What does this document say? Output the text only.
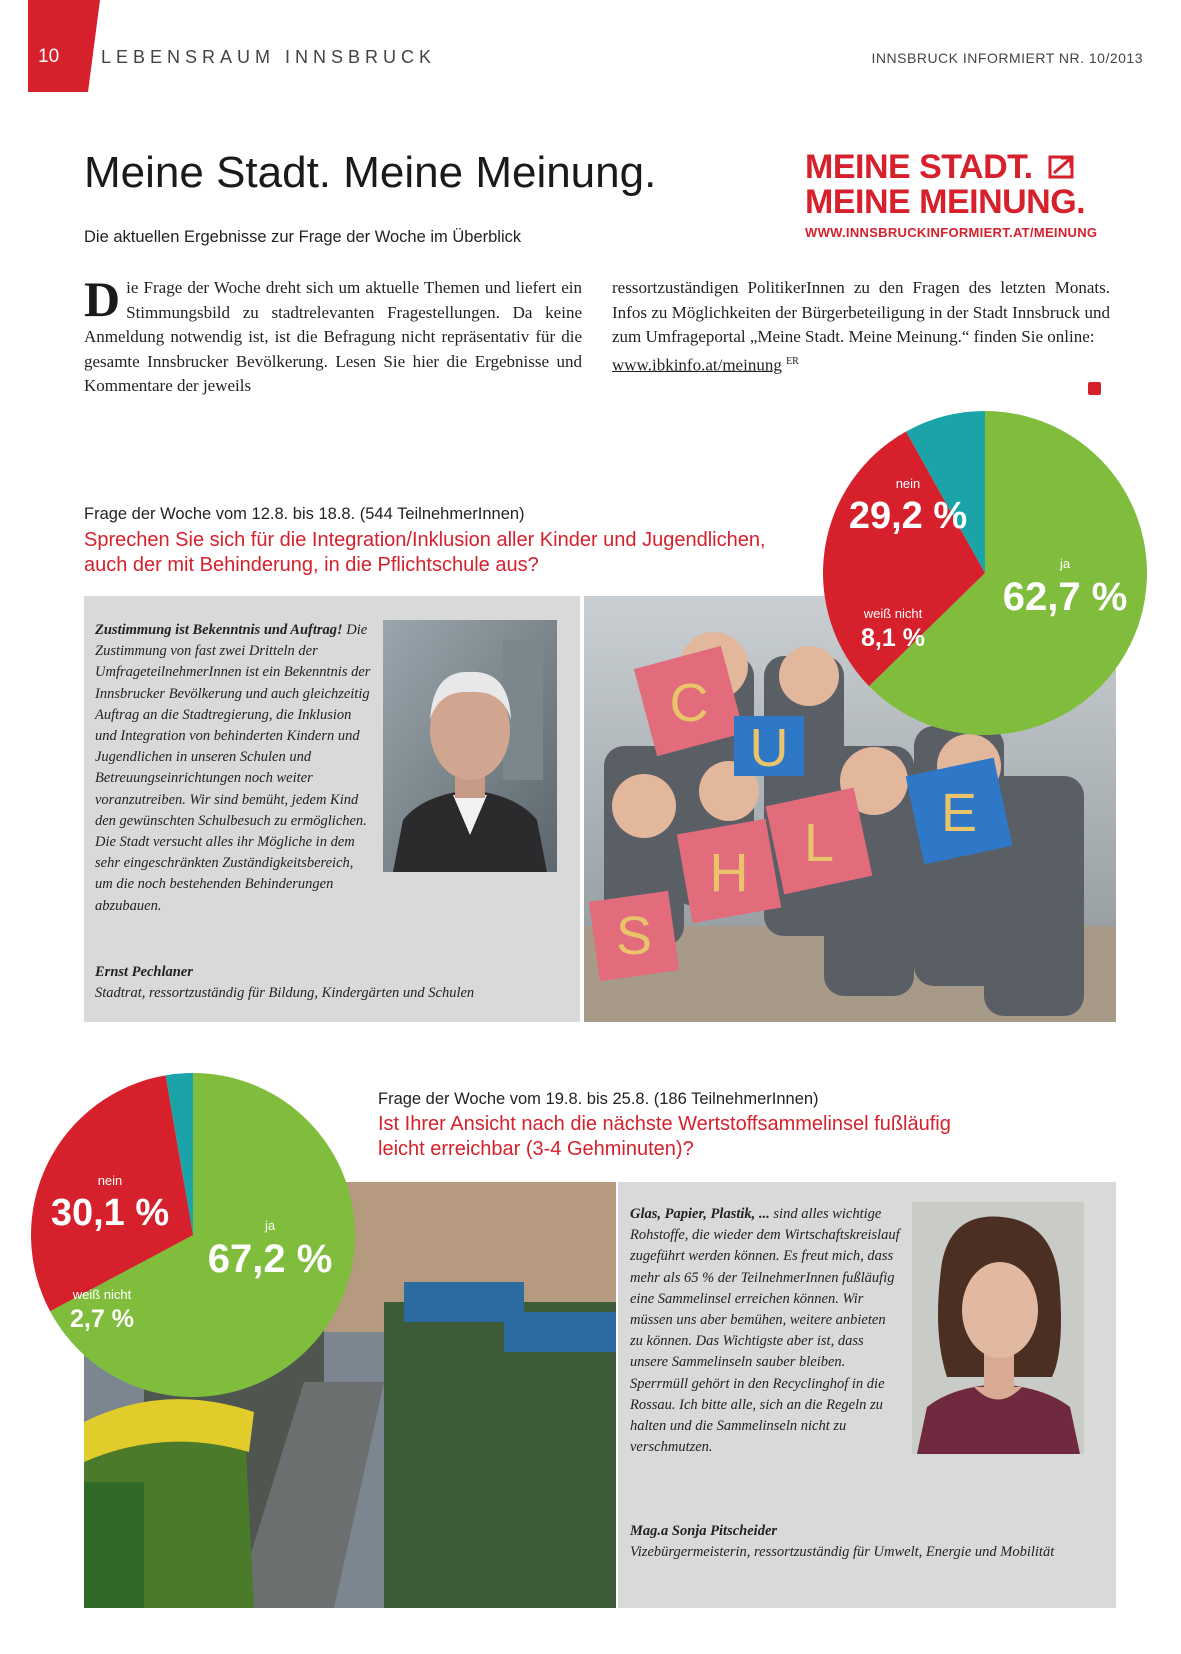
10 LEBENSRAUM INNSBRUCK	INNSBRUCK INFORMIERT NR. 10/2013
Meine Stadt. Meine Meinung.
Die aktuellen Ergebnisse zur Frage der Woche im Überblick
MEINE STADT.
MEINE MEINUNG.
WWW.INNSBRUCKINFORMIERT.AT/MEINUNG
D ie Frage der Woche dreht sich um aktuelle Themen und liefert ein Stimmungsbild zu stadtrelevanten Fragestellungen. Da keine Anmeldung notwendig ist, ist die Befragung nicht repräsentativ für die gesamte Innsbrucker Bevölkerung. Lesen Sie hier die Ergebnisse und Kommentare der jeweils
ressortzuständigen PolitikerInnen zu den Fragen des letzten Monats. Infos zu Möglichkeiten der Bürgerbeteiligung in der Stadt Innsbruck und zum Umfrageportal „Meine Stadt. Meine Meinung.“ finden Sie online:
www.ibkinfo.at/meinung $^{ER}$
Frage der Woche vom 12.8. bis 18.8. (544 TeilnehmerInnen)
Sprechen Sie sich für die Integration/Inklusion aller Kinder und Jugendlichen, auch der mit Behinderung, in die Pflichtschule aus?
Zustimmung ist Bekenntnis und Auftrag! Die Zustimmung von fast zwei Dritteln der UmfrageteilnehmerInnen ist ein Bekenntnis der Innsbrucker Bevölkerung und auch gleichzeitig Auftrag an die Stadtregierung, die Inklusion und Integration von behinderten Kindern und Jugendlichen in unseren Schulen und Betreuungseinrichtungen noch weiter voranzutreiben. Wir sind bemüht, jedem Kind den gewünschten Schulbesuch zu ermöglichen. Die Stadt versucht alles ihr Mögliche in dem sehr eingeschränkten Zuständigkeitsbereich, um die noch bestehenden Behinderungen abzubauen.
Ernst Pechlaner
Stadtrat, ressortzuständig für Bildung, Kindergärten und Schulen
S
C
H
U
L E
ja
62,7 %
nein
29,2 %
weiß nicht
8,1 %
Frage der Woche vom 19.8. bis 25.8. (186 TeilnehmerInnen)
Ist Ihrer Ansicht nach die nächste Wertstoffsammelinsel fußläufig leicht erreichbar (3-4 Gehminuten)?
Glas, Papier, Plastik, ... sind alles wichtige Rohstoffe, die wieder dem Wirtschaftskreislauf zugeführt werden können. Es freut mich, dass mehr als 65 % der TeilnehmerInnen fußläufig eine Sammelinsel erreichen können. Wir müssen uns aber bemühen, weitere anbieten zu können. Das Wichtigste aber ist, dass unsere Sammelinseln sauber bleiben. Sperrmüll gehört in den Recyclinghof in die Rossau. Ich bitte alle, sich an die Regeln zu halten und die Sammelinseln nicht zu verschmutzen.
Mag.a Sonja Pitscheider
Vizebürgermeisterin, ressortzuständig für Umwelt, Energie und Mobilität
ja
67,2 %
nein
30,1 %
weiß nicht
2,7 %
